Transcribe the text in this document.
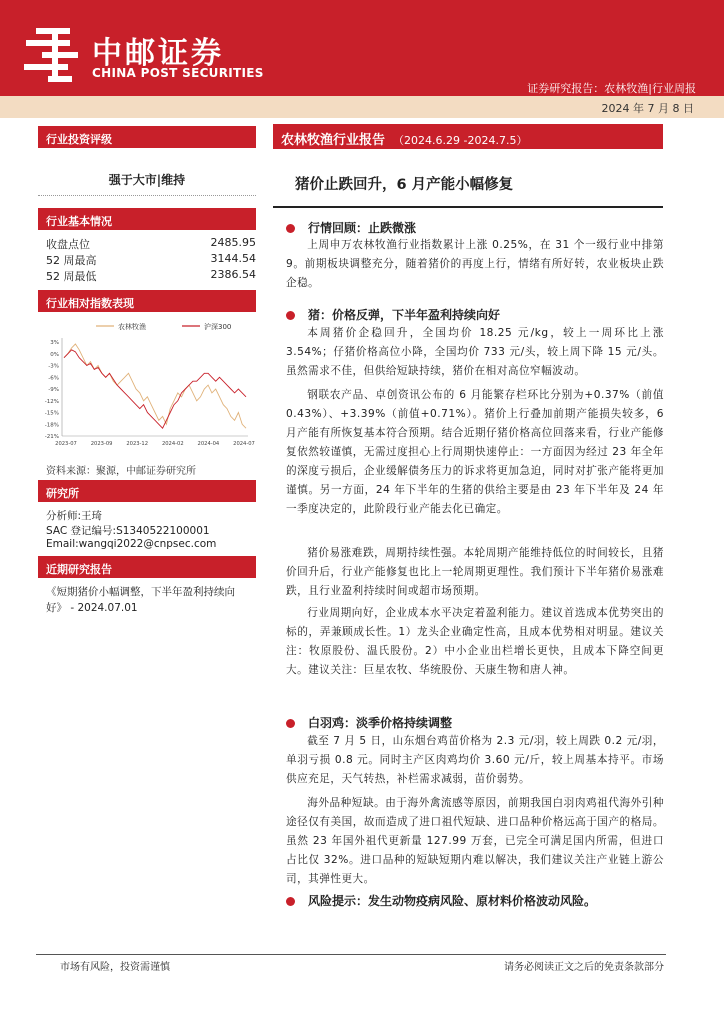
中邮证券
CHINA POST SECURITIES
证券研究报告：农林牧渔|行业周报
2024 年 7 月 8 日
行业投资评级
强于大市|维持
行业基本情况
收盘点位	2485.95
52 周最高	3144.54
52 周最低	2386.54
行业相对指数表现
农林牧渔	沪深300
3%
0%
-3%
-6%
-9%
-12%
-15%
-18%
-21%
2023-07	2023-09	2023-12	2024-02	2024-04	2024-07
资料来源：聚源，中邮证券研究所
研究所
分析师:王琦
SAC 登记编号:S1340522100001
Email:wangqi2022@cnpsec.com
近期研究报告
《短期猪价小幅调整，下半年盈利持续向好》 - 2024.07.01
农林牧渔行业报告 （2024.6.29 -2024.7.5）
猪价止跌回升，6 月产能小幅修复
行情回顾：止跌微涨
上周申万农林牧渔行业指数累计上涨 0.25%，在 31 个一级行业中排第 9。前期板块调整充分，随着猪价的再度上行，情绪有所好转，农业板块止跌企稳。
猪：价格反弹，下半年盈利持续向好
本周猪价企稳回升，全国均价 18.25 元/kg，较上一周环比上涨 3.54%；仔猪价格高位小降，全国均价 733 元/头，较上周下降 15 元/头。虽然需求不佳，但供给短缺持续，猪价在相对高位窄幅波动。
钢联农产品、卓创资讯公布的 6 月能繁存栏环比分别为+0.37%（前值 0.43%）、+3.39%（前值+0.71%）。猪价上行叠加前期产能损失较多，6 月产能有所恢复基本符合预期。结合近期仔猪价格高位回落来看，行业产能修复依然较谨慎，无需过度担心上行周期快速停止：一方面因为经过 23 年全年的深度亏损后，企业缓解债务压力的诉求将更加急迫，同时对扩张产能将更加谨慎。另一方面，24 年下半年的生猪的供给主要是由 23 年下半年及 24 年一季度决定的，此阶段行业产能去化已确定。
猪价易涨难跌，周期持续性强。本轮周期产能维持低位的时间较长，且猪价回升后，行业产能修复也比上一轮周期更理性。我们预计下半年猪价易涨难跌，且行业盈利持续时间或超市场预期。
行业周期向好，企业成本水平决定着盈利能力。建议首选成本优势突出的标的，弄兼顾成长性。1）龙头企业确定性高，且成本优势相对明显。建议关注：牧原股份、温氏股份。2）中小企业出栏增长更快，且成本下降空间更大。建议关注：巨星农牧、华统股份、天康生物和唐人神。
白羽鸡：淡季价格持续调整
截至 7 月 5 日，山东烟台鸡苗价格为 2.3 元/羽，较上周跌 0.2 元/羽，单羽亏损 0.8 元。同时主产区肉鸡均价 3.60 元/斤，较上周基本持平。市场供应充足，天气转热，补栏需求减弱，苗价弱势。
海外品种短缺。由于海外禽流感等原因，前期我国白羽肉鸡祖代海外引种途径仅有美国，故而造成了进口祖代短缺、进口品种价格远高于国产的格局。虽然 23 年国外祖代更新量 127.99 万套，已完全可满足国内所需，但进口占比仅 32%。进口品种的短缺短期内难以解决，我们建议关注产业链上游公司，其弹性更大。
风险提示：发生动物疫病风险、原材料价格波动风险。
市场有风险，投资需谨慎	请务必阅读正文之后的免责条款部分
